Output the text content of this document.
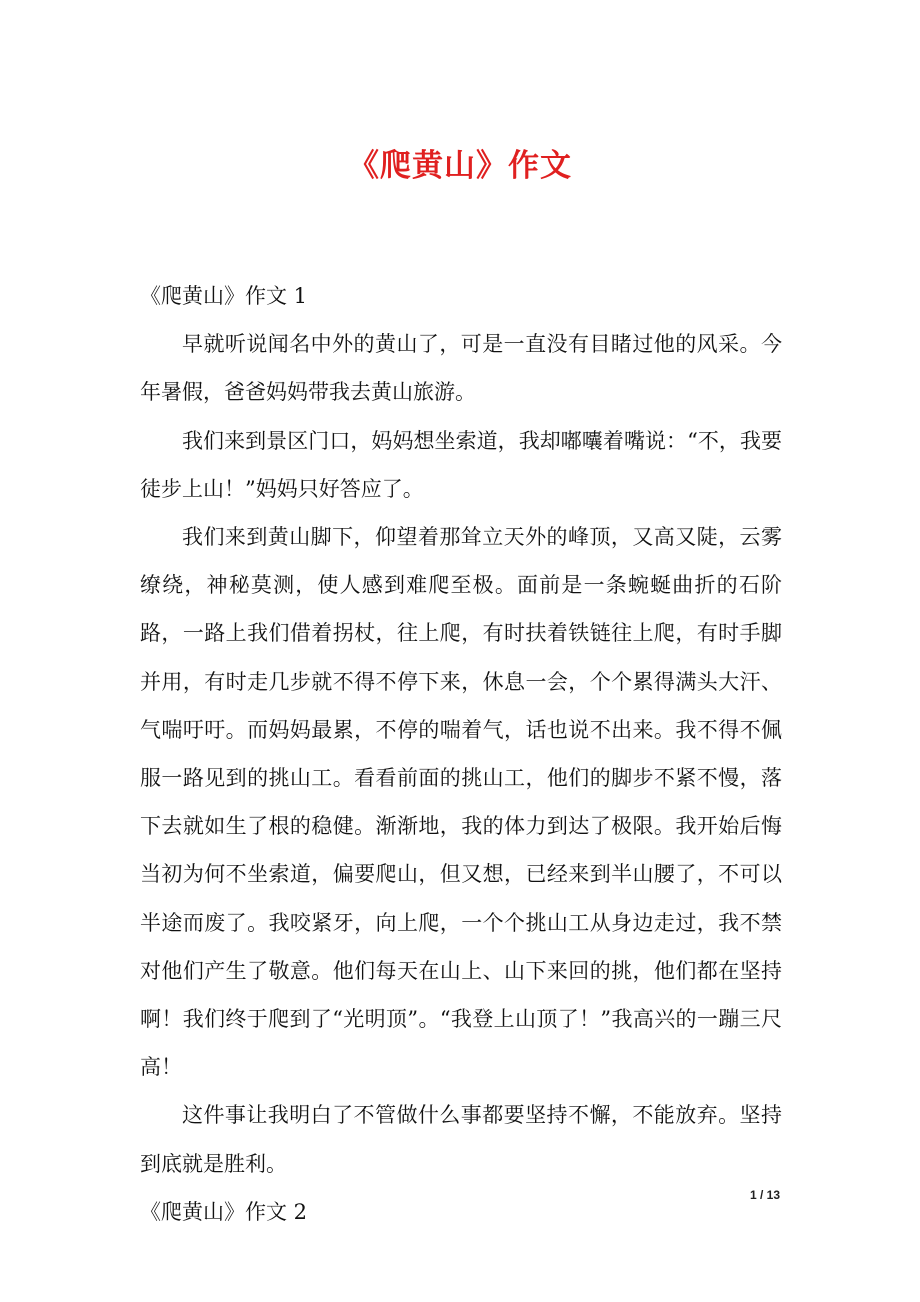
《爬黄山》作文

《爬黄山》作文 1

早就听说闻名中外的黄山了，可是一直没有目睹过他的风采。今年暑假，爸爸妈妈带我去黄山旅游。

我们来到景区门口，妈妈想坐索道，我却嘟囔着嘴说：“不，我要徒步上山！”妈妈只好答应了。

我们来到黄山脚下，仰望着那耸立天外的峰顶，又高又陡，云雾缭绕，神秘莫测，使人感到难爬至极。面前是一条蜿蜒曲折的石阶路，一路上我们借着拐杖，往上爬，有时扶着铁链往上爬，有时手脚并用，有时走几步就不得不停下来，休息一会，个个累得满头大汗、气喘吁吁。而妈妈最累，不停的喘着气，话也说不出来。我不得不佩服一路见到的挑山工。看看前面的挑山工，他们的脚步不紧不慢，落下去就如生了根的稳健。渐渐地，我的体力到达了极限。我开始后悔当初为何不坐索道，偏要爬山，但又想，已经来到半山腰了，不可以半途而废了。我咬紧牙，向上爬，一个个挑山工从身边走过，我不禁对他们产生了敬意。他们每天在山上、山下来回的挑，他们都在坚持啊！我们终于爬到了“光明顶”。“我登上山顶了！”我高兴的一蹦三尺高！

这件事让我明白了不管做什么事都要坚持不懈，不能放弃。坚持到底就是胜利。

《爬黄山》作文 2

1 / 13
